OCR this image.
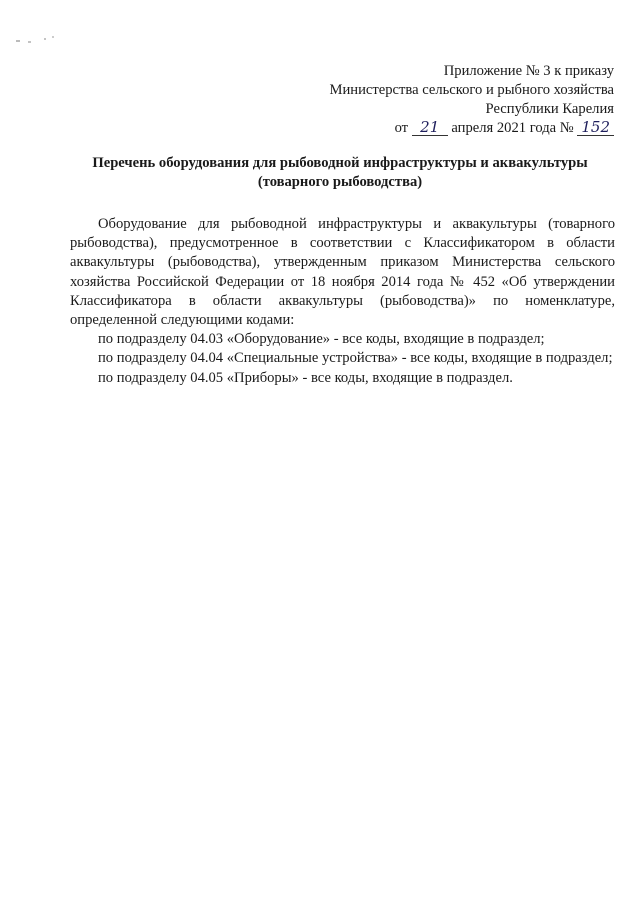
Приложение № 3 к приказу
Министерства сельского и рыбного хозяйства
Республики Карелия
от 21 апреля 2021 года № 152
Перечень оборудования для рыбоводной инфраструктуры и аквакультуры
(товарного рыбоводства)

Оборудование для рыбоводной инфраструктуры и аквакультуры (товарного рыбоводства), предусмотренное в соответствии с Классификатором в области аквакультуры (рыбоводства), утвержденным приказом Министерства сельского хозяйства Российской Федерации от 18 ноября 2014 года № 452 «Об утверждении Классификатора в области аквакультуры (рыбоводства)» по номенклатуре, определенной следующими кодами:

по подразделу 04.03 «Оборудование» - все коды, входящие в подраздел;

по подразделу 04.04 «Специальные устройства» - все коды, входящие в подраздел;

по подразделу 04.05 «Приборы» - все коды, входящие в подраздел.
